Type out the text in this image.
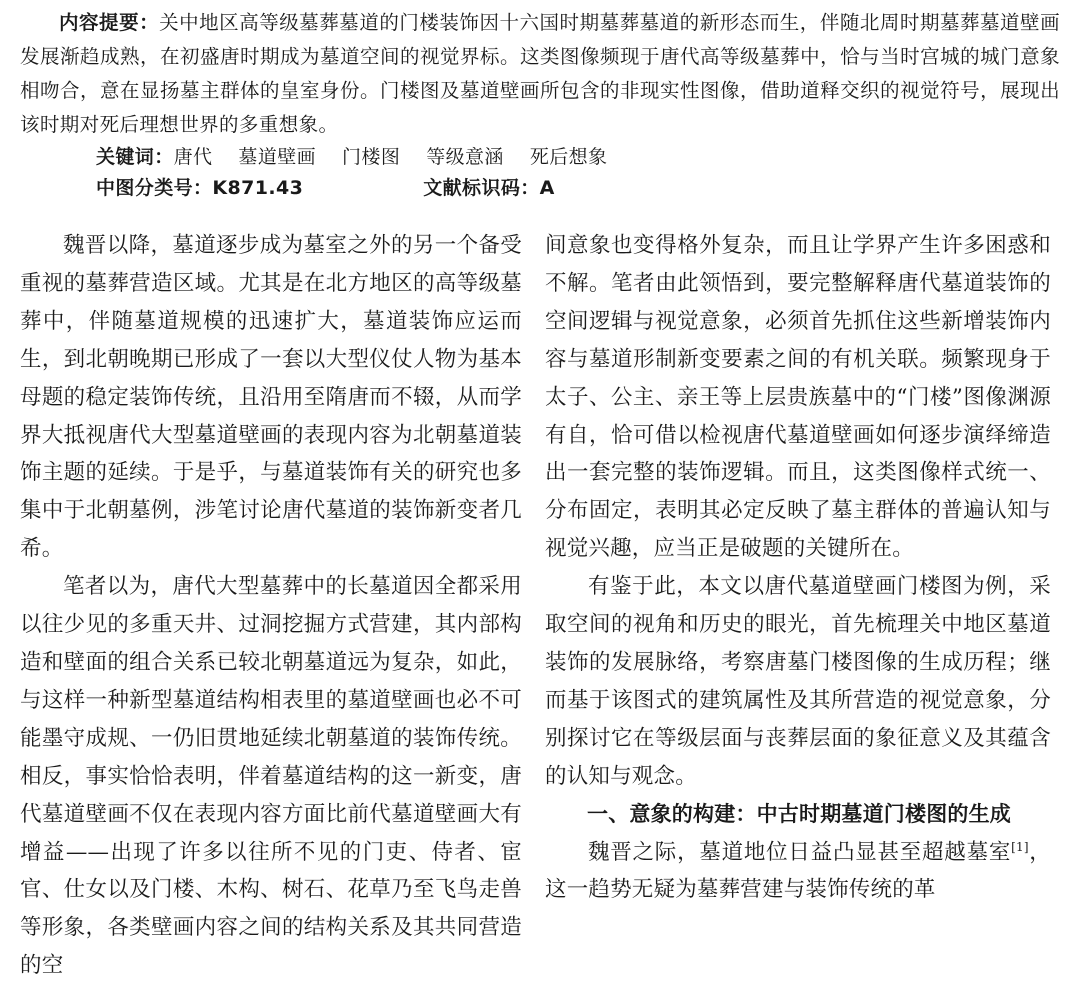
内容提要：关中地区高等级墓葬墓道的门楼装饰因十六国时期墓葬墓道的新形态而生，伴随北周时期墓葬墓道壁画发展渐趋成熟，在初盛唐时期成为墓道空间的视觉界标。这类图像频现于唐代高等级墓葬中，恰与当时宫城的城门意象相吻合，意在显扬墓主群体的皇室身份。门楼图及墓道壁画所包含的非现实性图像，借助道释交织的视觉符号，展现出该时期对死后理想世界的多重想象。

关键词：唐代 墓道壁画 门楼图 等级意涵 死后想象

中图分类号：K871.43	文献标识码：A

魏晋以降，墓道逐步成为墓室之外的另一个备受重视的墓葬营造区域。尤其是在北方地区的高等级墓葬中，伴随墓道规模的迅速扩大，墓道装饰应运而生，到北朝晚期已形成了一套以大型仪仗人物为基本母题的稳定装饰传统，且沿用至隋唐而不辍，从而学界大抵视唐代大型墓道壁画的表现内容为北朝墓道装饰主题的延续。于是乎，与墓道装饰有关的研究也多集中于北朝墓例，涉笔讨论唐代墓道的装饰新变者几希。

笔者以为，唐代大型墓葬中的长墓道因全都采用以往少见的多重天井、过洞挖掘方式营建，其内部构造和壁面的组合关系已较北朝墓道远为复杂，如此，与这样一种新型墓道结构相表里的墓道壁画也必不可能墨守成规、一仍旧贯地延续北朝墓道的装饰传统。相反，事实恰恰表明，伴着墓道结构的这一新变，唐代墓道壁画不仅在表现内容方面比前代墓道壁画大有增益——出现了许多以往所不见的门吏、侍者、宦官、仕女以及门楼、木构、树石、花草乃至飞鸟走兽等形象，各类壁画内容之间的结构关系及其共同营造的空

间意象也变得格外复杂，而且让学界产生许多困惑和不解。笔者由此领悟到，要完整解释唐代墓道装饰的空间逻辑与视觉意象，必须首先抓住这些新增装饰内容与墓道形制新变要素之间的有机关联。频繁现身于太子、公主、亲王等上层贵族墓中的“门楼”图像渊源有自，恰可借以检视唐代墓道壁画如何逐步演绎缔造出一套完整的装饰逻辑。而且，这类图像样式统一、分布固定，表明其必定反映了墓主群体的普遍认知与视觉兴趣，应当正是破题的关键所在。

有鉴于此，本文以唐代墓道壁画门楼图为例，采取空间的视角和历史的眼光，首先梳理关中地区墓道装饰的发展脉络，考察唐墓门楼图像的生成历程；继而基于该图式的建筑属性及其所营造的视觉意象，分别探讨它在等级层面与丧葬层面的象征意义及其蕴含的认知与观念。

一、意象的构建：中古时期墓道门楼图的生成

魏晋之际，墓道地位日益凸显甚至超越墓室[1]，这一趋势无疑为墓葬营建与装饰传统的革
